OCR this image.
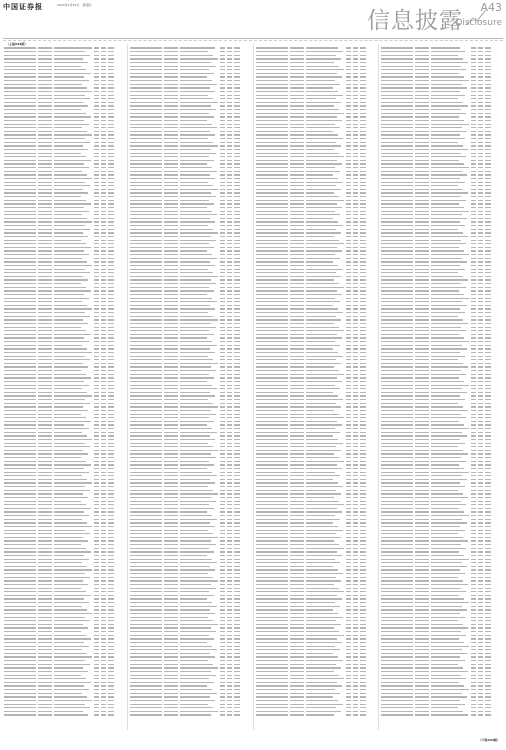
中国证券报	2024年2月29日　星期四
信息披露
A43
Disclosure
（上接A42版）
（下转A44版）
